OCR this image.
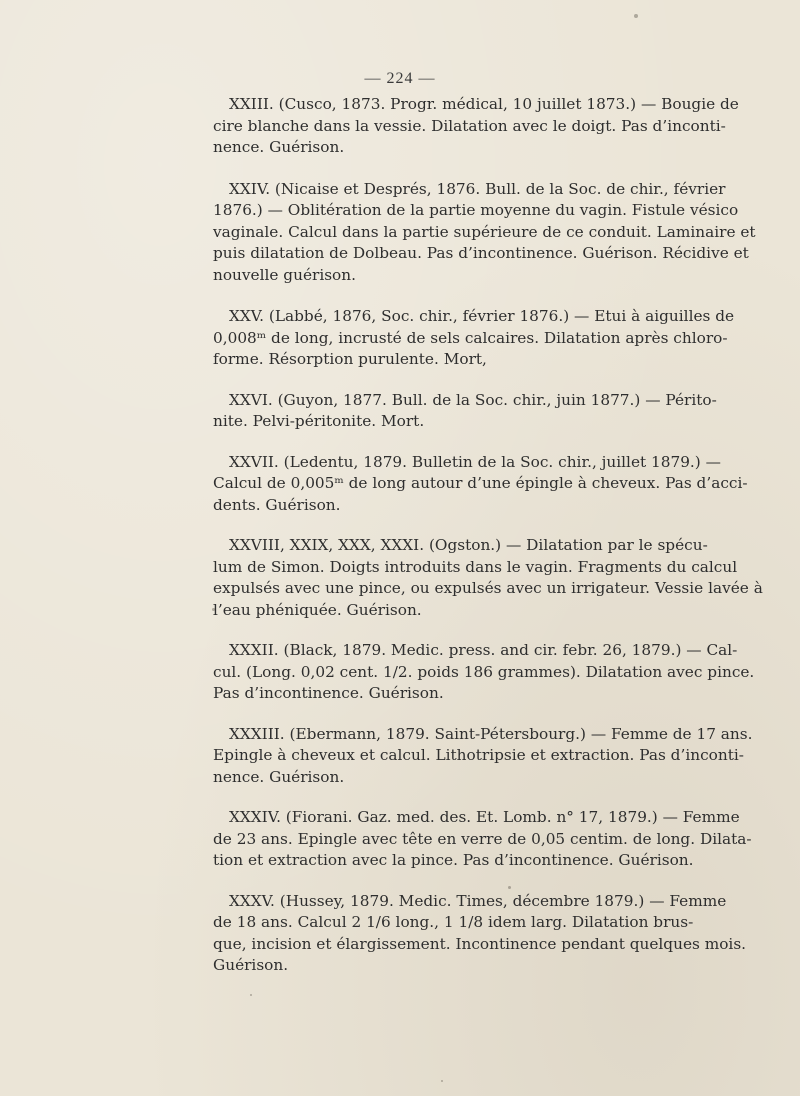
— 224 —
XXIII. (Cusco, 1873. Progr. médical, 10 juillet 1873.) — Bougie de
cire blanche dans la vessie. Dilatation avec le doigt. Pas d’inconti-
nence. Guérison.
XXIV. (Nicaise et Després, 1876. Bull. de la Soc. de chir., février
1876.) — Oblitération de la partie moyenne du vagin. Fistule vésico
vaginale. Calcul dans la partie supérieure de ce conduit. Laminaire et
puis dilatation de Dolbeau. Pas d’incontinence. Guérison. Récidive et
nouvelle guérison.
XXV. (Labbé, 1876, Soc. chir., février 1876.) — Etui à aiguilles de
0,008ᵐ de long, incrusté de sels calcaires. Dilatation après chloro-
forme. Résorption purulente. Mort,
XXVI. (Guyon, 1877. Bull. de la Soc. chir., juin 1877.) — Périto-
nite. Pelvi-péritonite. Mort.
XXVII. (Ledentu, 1879. Bulletin de la Soc. chir., juillet 1879.) —
Calcul de 0,005ᵐ de long autour d’une épingle à cheveux. Pas d’acci-
dents. Guérison.
XXVIII, XXIX, XXX, XXXI. (Ogston.) — Dilatation par le spécu-
lum de Simon. Doigts introduits dans le vagin. Fragments du calcul
expulsés avec une pince, ou expulsés avec un irrigateur. Vessie lavée à
l’eau phéniquée. Guérison.
XXXII. (Black, 1879. Medic. press. and cir. febr. 26, 1879.) — Cal-
cul. (Long. 0,02 cent. 1/2. poids 186 grammes). Dilatation avec pince.
Pas d’incontinence. Guérison.
XXXIII. (Ebermann, 1879. Saint-Pétersbourg.) — Femme de 17 ans.
Epingle à cheveux et calcul. Lithotripsie et extraction. Pas d’inconti-
nence. Guérison.
XXXIV. (Fiorani. Gaz. med. des. Et. Lomb. n° 17, 1879.) — Femme
de 23 ans. Epingle avec tête en verre de 0,05 centim. de long. Dilata-
tion et extraction avec la pince. Pas d’incontinence. Guérison.
XXXV. (Hussey, 1879. Medic. Times, décembre 1879.) — Femme
de 18 ans. Calcul 2 1/6 long., 1 1/8 idem larg. Dilatation brus-
que, incision et élargissement. Incontinence pendant quelques mois.
Guérison.
